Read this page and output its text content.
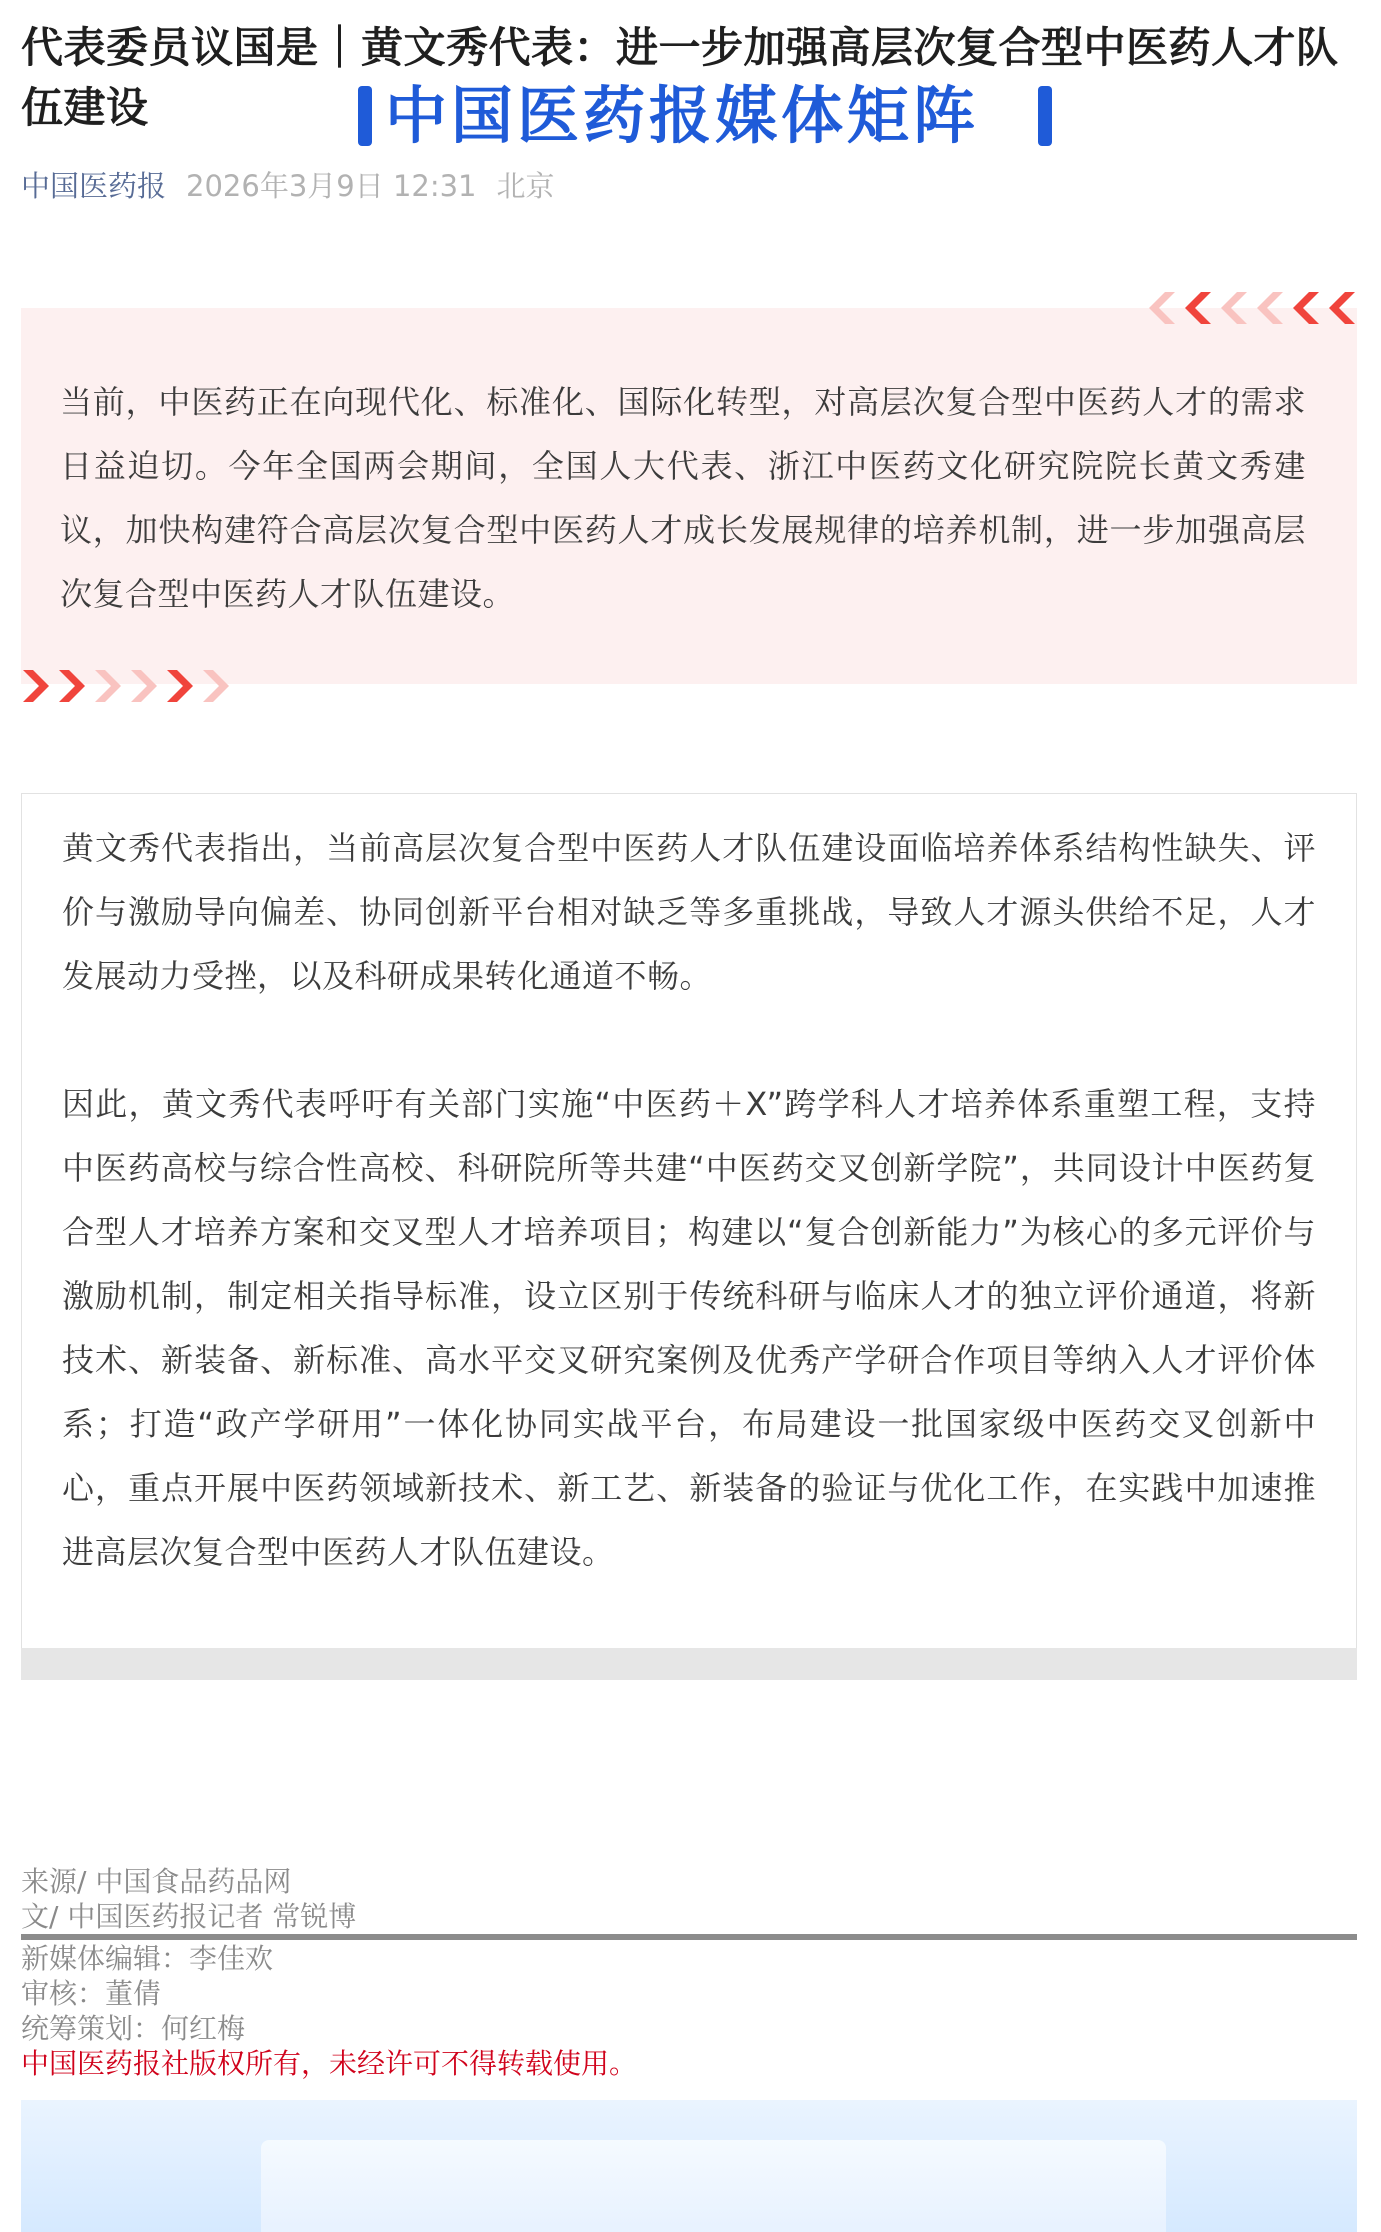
代表委员议国是｜黄文秀代表：进一步加强高层次复合型中医药人才队伍建设
中国医药报 2026年3月9日 12:31 北京
当前，中医药正在向现代化、标准化、国际化转型，对高层次复合型中医药人才的需求日益迫切。今年全国两会期间，全国人大代表、浙江中医药文化研究院院长黄文秀建议，加快构建符合高层次复合型中医药人才成长发展规律的培养机制，进一步加强高层次复合型中医药人才队伍建设。

黄文秀代表指出，当前高层次复合型中医药人才队伍建设面临培养体系结构性缺失、评价与激励导向偏差、协同创新平台相对缺乏等多重挑战，导致人才源头供给不足，人才发展动力受挫，以及科研成果转化通道不畅。

因此，黄文秀代表呼吁有关部门实施“中医药＋X”跨学科人才培养体系重塑工程，支持中医药高校与综合性高校、科研院所等共建“中医药交叉创新学院”，共同设计中医药复合型人才培养方案和交叉型人才培养项目；构建以“复合创新能力”为核心的多元评价与激励机制，制定相关指导标准，设立区别于传统科研与临床人才的独立评价通道，将新技术、新装备、新标准、高水平交叉研究案例及优秀产学研合作项目等纳入人才评价体系；打造“政产学研用”一体化协同实战平台，布局建设一批国家级中医药交叉创新中心，重点开展中医药领域新技术、新工艺、新装备的验证与优化工作，在实践中加速推进高层次复合型中医药人才队伍建设。

来源/ 中国食品药品网
文/ 中国医药报记者 常锐博
新媒体编辑：李佳欢
审核：董倩
统筹策划：何红梅
中国医药报社版权所有，未经许可不得转载使用。
中国医药报媒体矩阵
